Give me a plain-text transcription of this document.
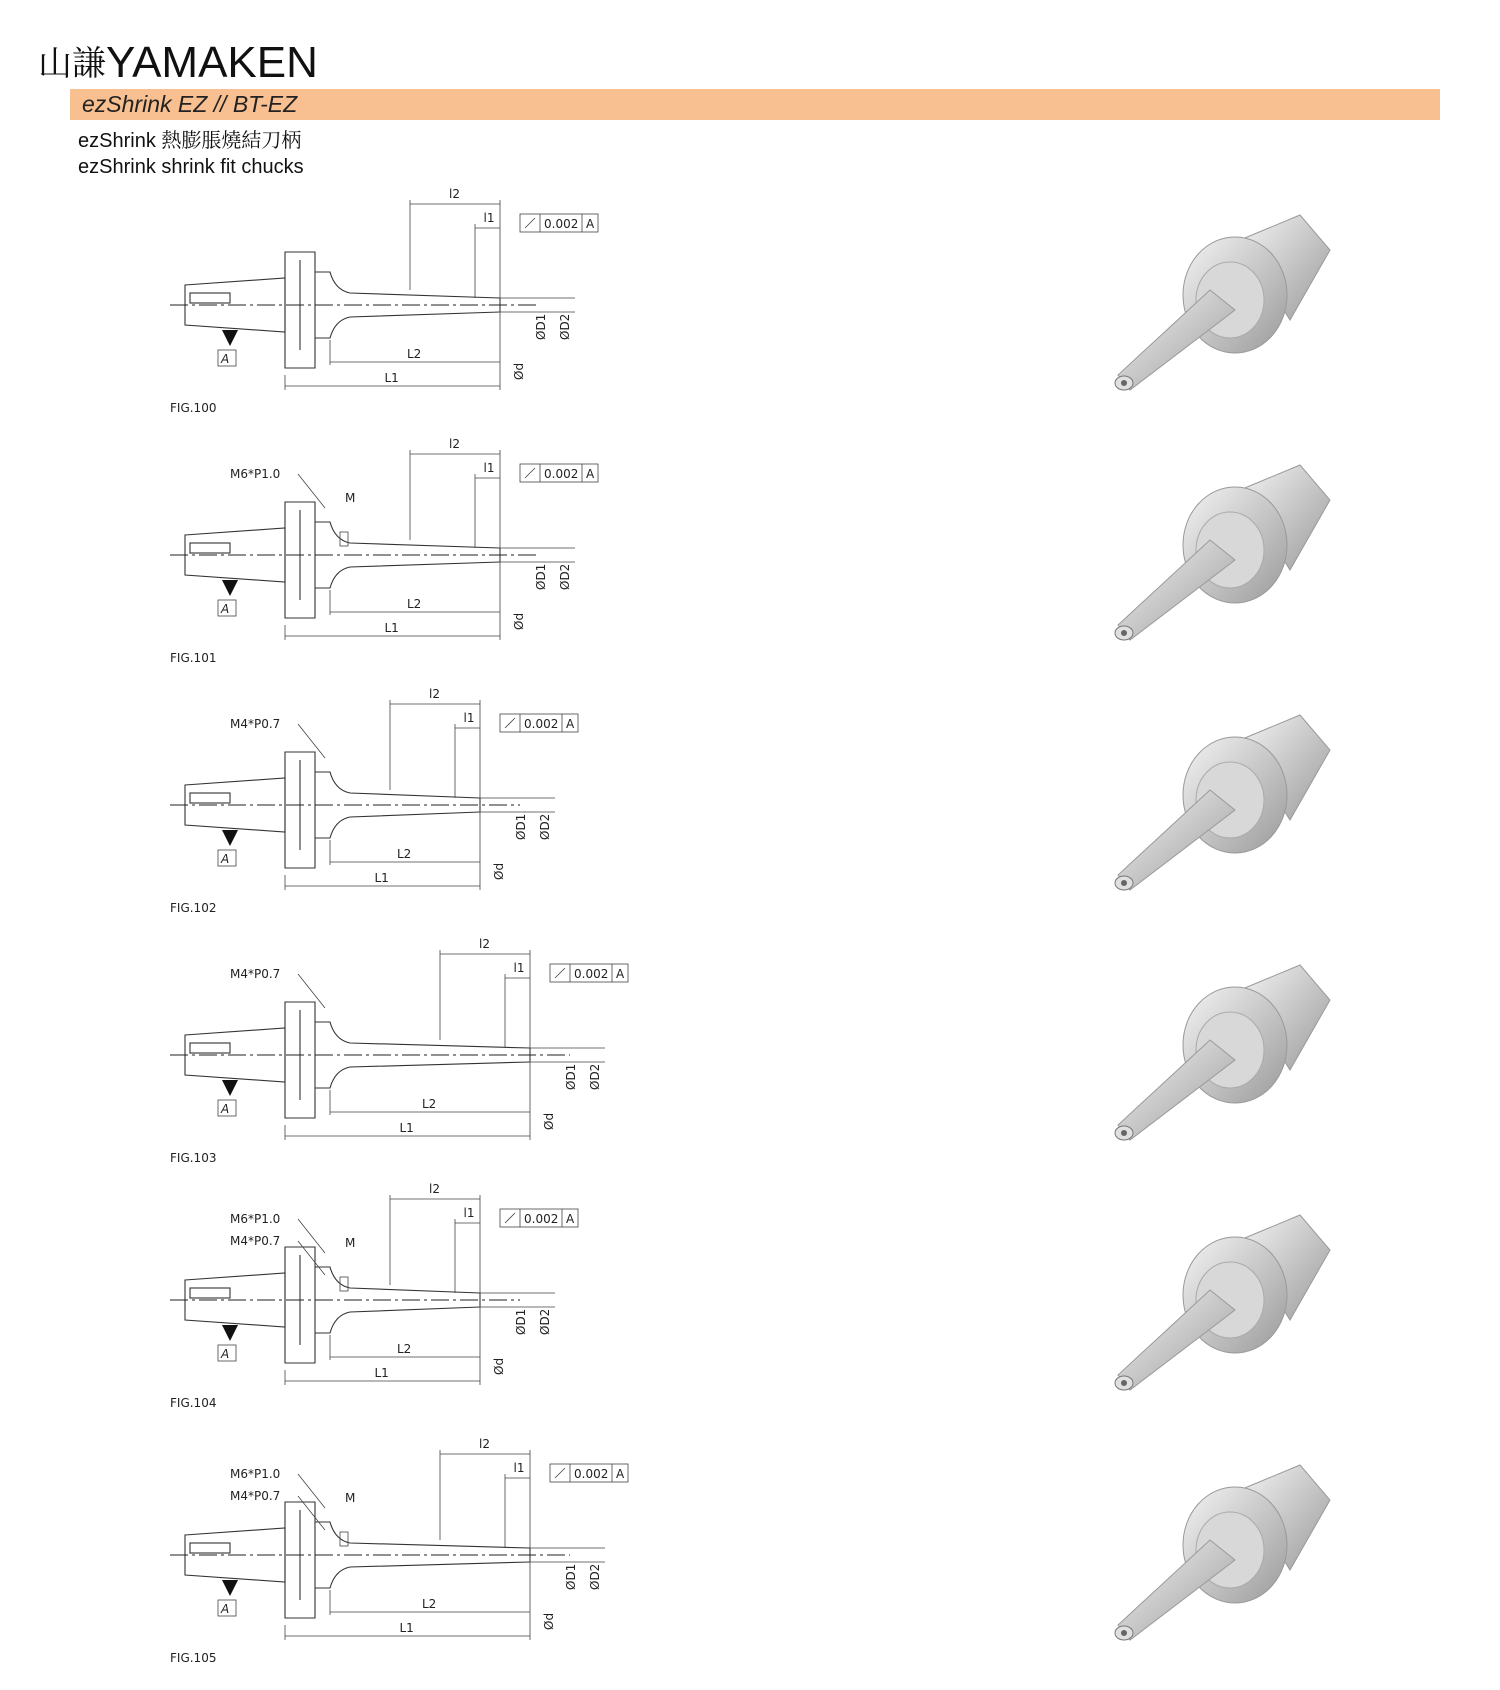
山謙YAMAKEN
ezShrink EZ // BT-EZ
ezShrink 熱膨脹燒結刀柄
ezShrink shrink fit chucks
A
L1
L2
l2
l1
ØD1 ØD2
Ød
0.002 A
FIG.100
A
L1
L2
l2
l1
ØD1 ØD2
Ød
0.002 A
M6*P1.0
M
FIG.101
A
L1
L2
l2
l1
ØD1 ØD2
Ød
0.002 A
M4*P0.7
FIG.102
A
L1
L2
l2
l1
ØD1 ØD2
Ød
0.002 A
M4*P0.7
FIG.103
A
L1
L2
l2
l1
ØD1 ØD2
Ød
0.002 A
M6*P1.0
M4*P0.7	M
FIG.104
A
L1
L2
l2
l1
ØD1 ØD2
Ød
0.002 A
M6*P1.0
M4*P0.7	M
FIG.105
